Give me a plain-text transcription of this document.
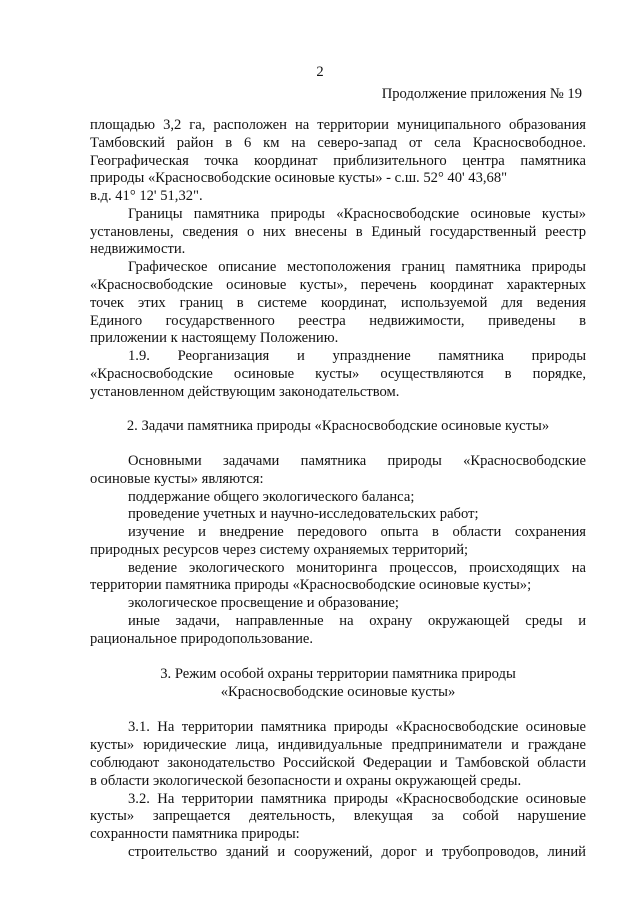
2
Продолжение приложения № 19
площадью 3,2 га, расположен на территории муниципального образования
Тамбовский район в 6 км на северо-запад от села Красносвободное.
Географическая точка координат приблизительного центра памятника
природы «Красносвободские осиновые кусты» - с.ш. 52° 40' 43,68"
в.д. 41° 12' 51,32".
Границы памятника природы «Красносвободские осиновые кусты»
установлены, сведения о них внесены в Единый государственный реестр
недвижимости.
Графическое описание местоположения границ памятника природы
«Красносвободские осиновые кусты», перечень координат характерных
точек этих границ в системе координат, используемой для ведения
Единого государственного реестра недвижимости, приведены в
приложении к настоящему Положению.
1.9. Реорганизация и упразднение памятника природы
«Красносвободские осиновые кусты» осуществляются в порядке,
установленном действующим законодательством.
2. Задачи памятника природы «Красносвободские осиновые кусты»
Основными задачами памятника природы «Красносвободские
осиновые кусты» являются:
поддержание общего экологического баланса;
проведение учетных и научно-исследовательских работ;
изучение и внедрение передового опыта в области сохранения
природных ресурсов через систему охраняемых территорий;
ведение экологического мониторинга процессов, происходящих на
территории памятника природы «Красносвободские осиновые кусты»;
экологическое просвещение и образование;
иные задачи, направленные на охрану окружающей среды и
рациональное природопользование.
3. Режим особой охраны территории памятника природы
«Красносвободские осиновые кусты»
3.1. На территории памятника природы «Красносвободские осиновые
кусты» юридические лица, индивидуальные предприниматели и граждане
соблюдают законодательство Российской Федерации и Тамбовской области
в области экологической безопасности и охраны окружающей среды.
3.2. На территории памятника природы «Красносвободские осиновые
кусты» запрещается деятельность, влекущая за собой нарушение
сохранности памятника природы:
строительство зданий и сооружений, дорог и трубопроводов, линий
